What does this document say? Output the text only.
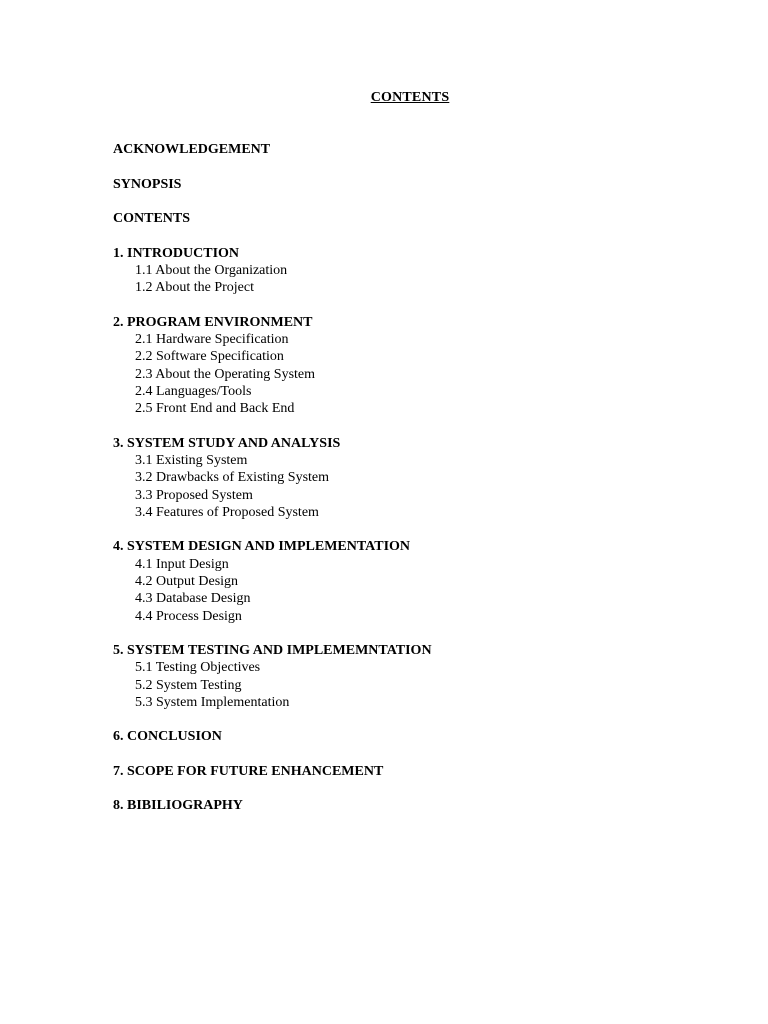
CONTENTS
ACKNOWLEDGEMENT
SYNOPSIS
CONTENTS
1. INTRODUCTION
1.1 About the Organization
1.2 About the Project
2. PROGRAM ENVIRONMENT
2.1 Hardware Specification
2.2 Software Specification
2.3 About the Operating System
2.4 Languages/Tools
2.5 Front End and Back End
3. SYSTEM STUDY AND ANALYSIS
3.1 Existing System
3.2 Drawbacks of Existing System
3.3 Proposed System
3.4 Features of Proposed System
4. SYSTEM DESIGN AND IMPLEMENTATION
4.1 Input Design
4.2 Output Design
4.3 Database Design
4.4 Process Design
5. SYSTEM TESTING AND IMPLEMEMNTATION
5.1 Testing Objectives
5.2 System Testing
5.3 System Implementation
6. CONCLUSION
7. SCOPE FOR FUTURE ENHANCEMENT
8. BIBILIOGRAPHY
